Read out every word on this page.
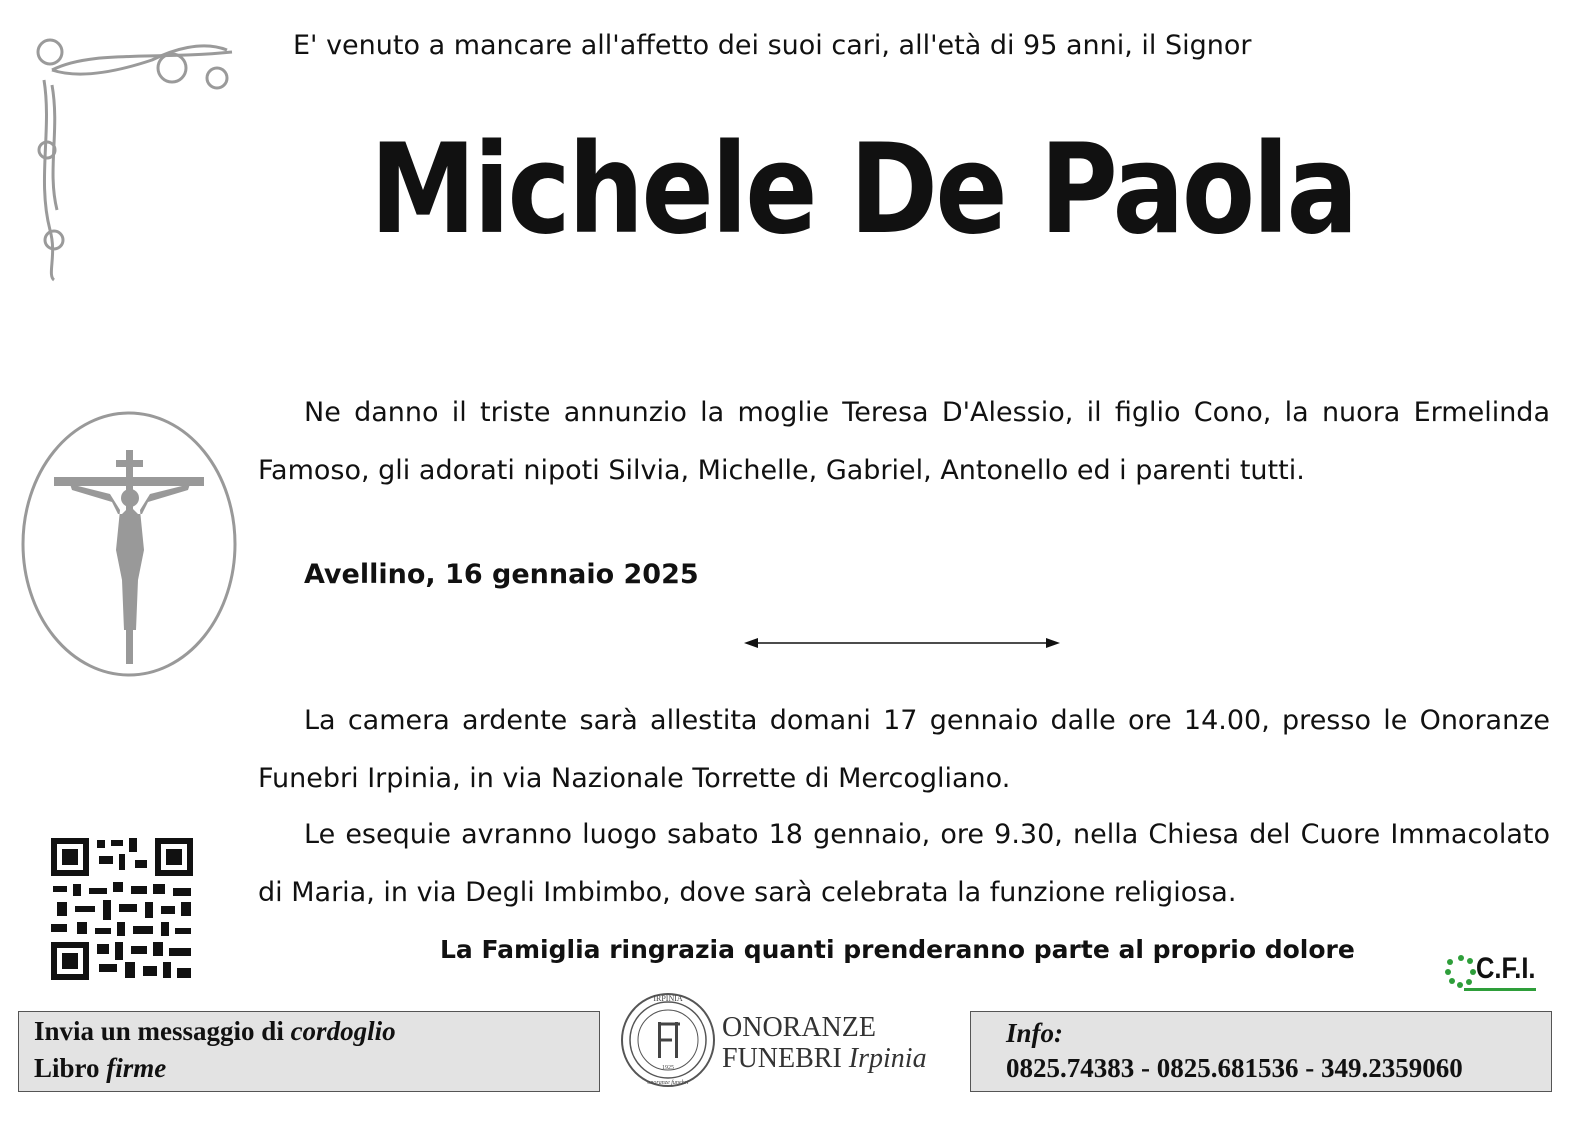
E' venuto a mancare all'affetto dei suoi cari, all'età di 95 anni, il Signor
Michele De Paola
Ne danno il triste annunzio la moglie Teresa D'Alessio, il figlio Cono, la nuora Ermelinda Famoso, gli adorati nipoti Silvia, Michelle, Gabriel, Antonello ed i parenti tutti.
Avellino, 16 gennaio 2025
La camera ardente sarà allestita domani 17 gennaio dalle ore 14.00, presso le Onoranze Funebri Irpinia, in via Nazionale Torrette di Mercogliano.
Le esequie avranno luogo sabato 18 gennaio, ore 9.30, nella Chiesa del Cuore Immacolato di Maria, in via Degli Imbimbo, dove sarà celebrata la funzione religiosa.
La Famiglia ringrazia quanti prenderanno parte al proprio dolore
C.F.I.
Invia un messaggio di cordoglio
Libro firme
IRPINIA
1925
onoranze funebri
ONORANZE
FUNEBRI Irpinia
Info:
0825.74383 - 0825.681536 - 349.2359060
